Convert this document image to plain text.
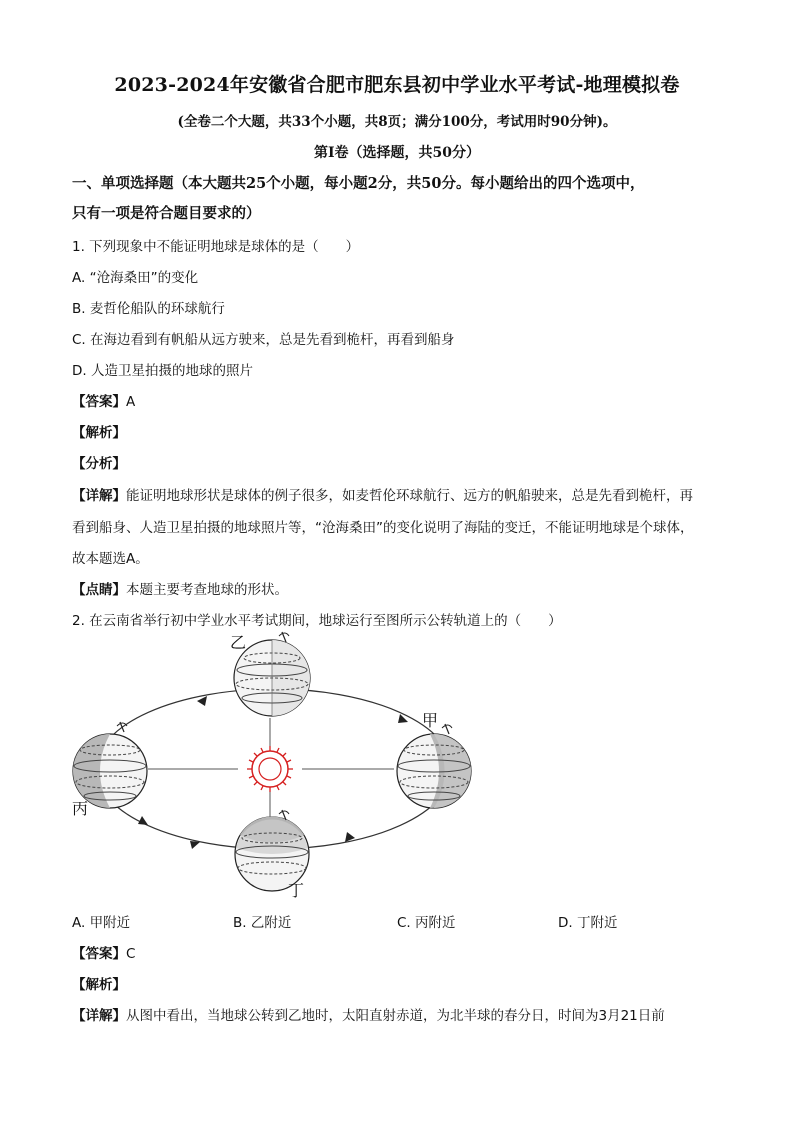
2023-2024年安徽省合肥市肥东县初中学业水平考试-地理模拟卷
(全卷二个大题，共33个小题，共8页；满分100分，考试用时90分钟)。
第Ⅰ卷（选择题，共50分）
一、单项选择题（本大题共25个小题，每小题2分，共50分。每小题给出的四个选项中，
只有一项是符合题目要求的）
1. 下列现象中不能证明地球是球体的是（　　）
A. “沧海桑田”的变化
B. 麦哲伦船队的环球航行
C. 在海边看到有帆船从远方驶来，总是先看到桅杆，再看到船身
D. 人造卫星拍摄的地球的照片
【答案】A
【解析】
【分析】
【详解】能证明地球形状是球体的例子很多，如麦哲伦环球航行、远方的帆船驶来，总是先看到桅杆，再
看到船身、人造卫星拍摄的地球照片等，“沧海桑田”的变化说明了海陆的变迁，不能证明地球是个球体，
故本题选A。
【点睛】本题主要考查地球的形状。
2. 在云南省举行初中学业水平考试期间，地球运行至图所示公转轨道上的（　　）
乙
甲
丙
丁
A. 甲附近	B. 乙附近	C. 丙附近	D. 丁附近
【答案】C
【解析】
【详解】从图中看出，当地球公转到乙地时，太阳直射赤道，为北半球的春分日，时间为3月21日前
